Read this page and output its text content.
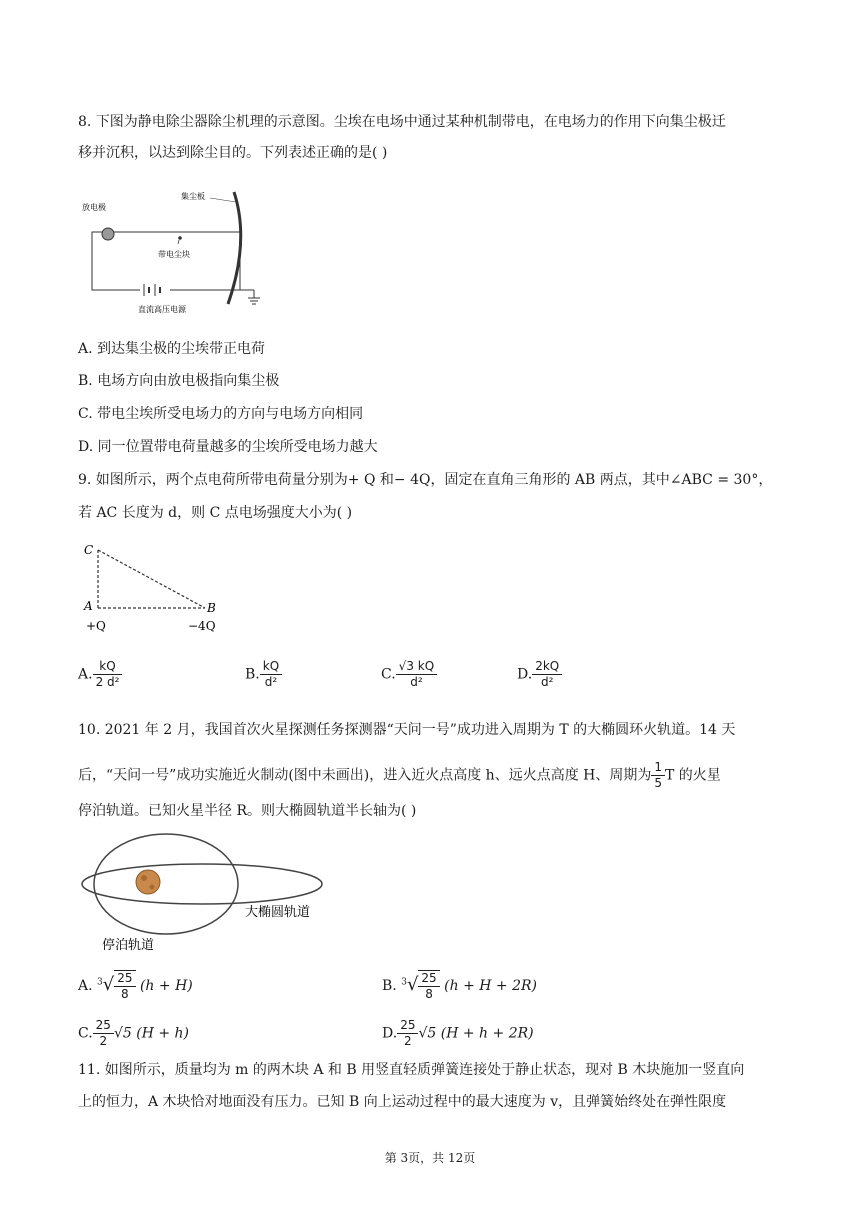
8. 下图为静电除尘器除尘机理的示意图。尘埃在电场中通过某种机制带电，在电场力的作用下向集尘极迁
移并沉积，以达到除尘目的。下列表述正确的是( )
放电极
集尘板
带电尘块
直流高压电源
A. 到达集尘极的尘埃带正电荷
B. 电场方向由放电极指向集尘极
C. 带电尘埃所受电场力的方向与电场方向相同
D. 同一位置带电荷量越多的尘埃所受电场力越大
9. 如图所示，两个点电荷所带电荷量分别为+ Q 和− 4Q，固定在直角三角形的 AB 两点，其中∠ABC = 30°，
若 AC 长度为 d，则 C 点电场强度大小为( )
C
A	B
+Q	−4Q
A. $\frac{kQ}{\text{2 d²}}$	B. $\frac{kQ}{\text{d²}}$	C. $\frac{√3 kQ}{\text{d²}}$	D. $\frac{2kQ}{\text{d²}}$
10. 2021 年 2 月，我国首次火星探测任务探测器“天问一号”成功进入周期为 T 的大椭圆环火轨道。14 天
后，“天问一号”成功实施近火制动(图中未画出)，进入近火点高度 h、远火点高度 H、周期为 $\frac{1}{5}$ T 的火星
停泊轨道。已知火星半径 R。则大椭圆轨道半长轴为( )
大椭圆轨道
停泊轨道
A. $^3√ \frac{25}{8} (h + H)$	B. $^3√ \frac{25}{8} (h + H + 2R)$
C. $\frac{25}{2} √5$ (H + h)	D. $\frac{25}{2} √5$ (H + h + 2R)
11. 如图所示，质量均为 m 的两木块 A 和 B 用竖直轻质弹簧连接处于静止状态，现对 B 木块施加一竖直向
上的恒力，A 木块恰对地面没有压力。已知 B 向上运动过程中的最大速度为 v，且弹簧始终处在弹性限度
第 3页，共 12页
